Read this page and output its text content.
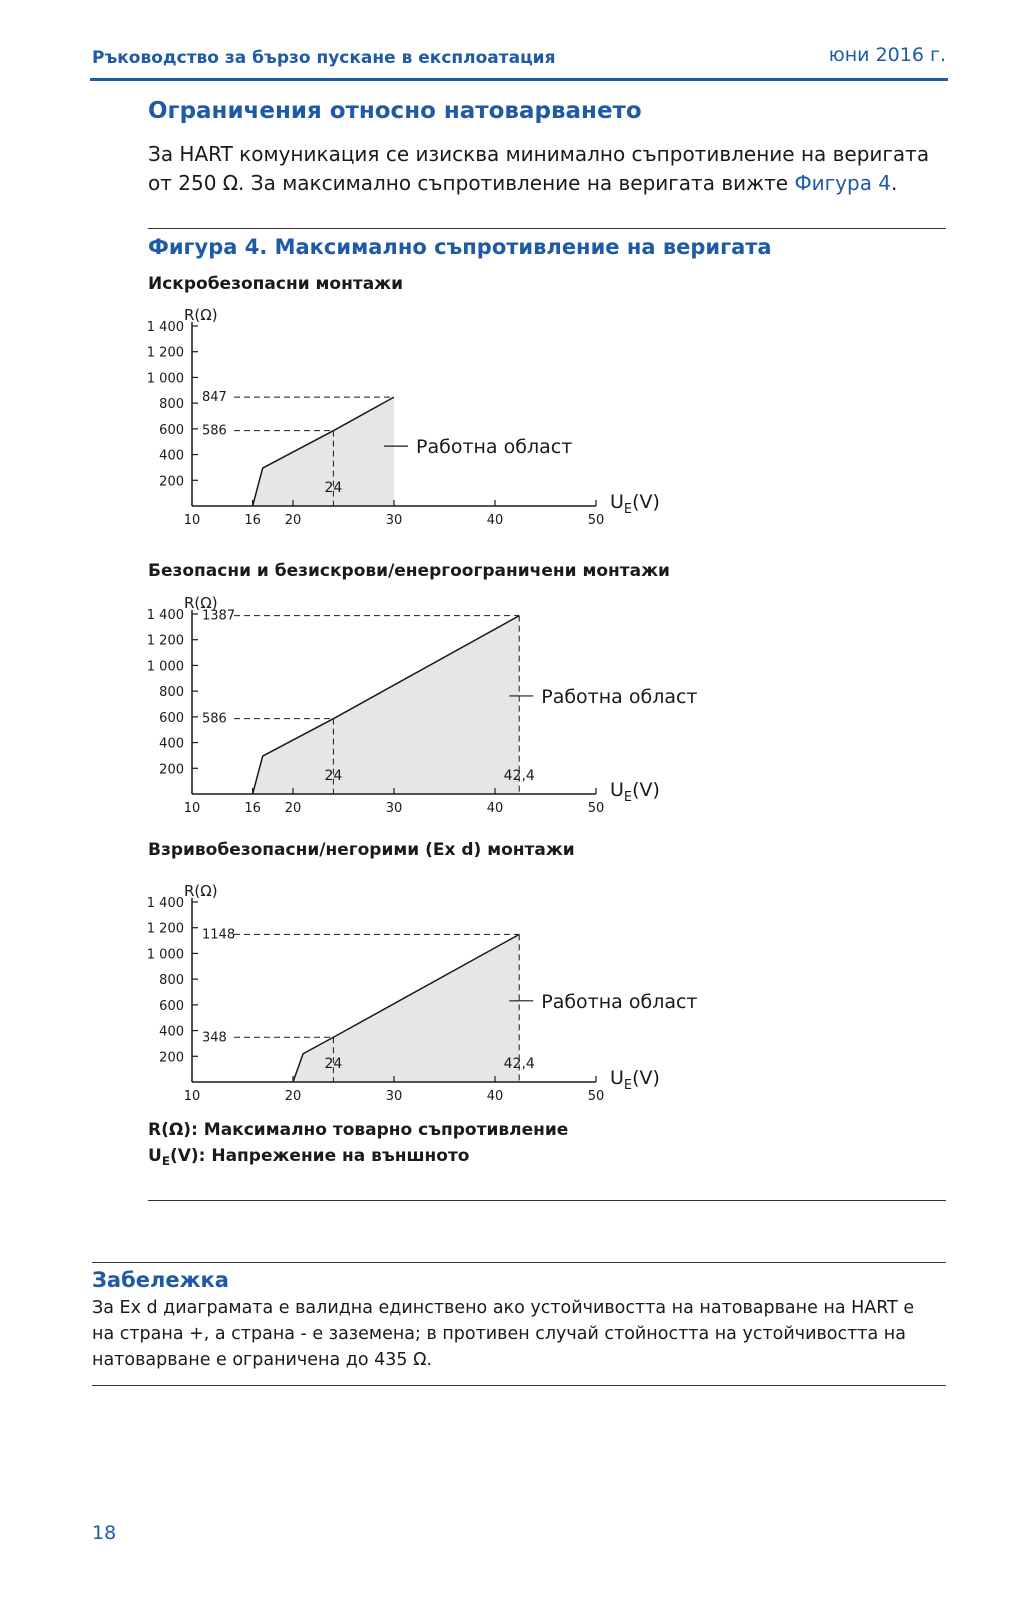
Ръководство за бързо пускане в експлоатация	юни 2016 г.
Ограничения относно натоварването
За HART комуникация се изисква минимално съпротивление на веригата от 250 Ω. За максимално съпротивление на веригата вижте Фигура 4.
Фигура 4. Максимално съпротивление на веригата
Искробезопасни монтажи
200
400
600
800
1 000
1 200
1 400
10	16 20	30	40	50
R(Ω)
$U_E(V)$
847
586
24
Работна област
Безопасни и безискрови/енергоограничени монтажи
200
400
600
800
1 000
1 200
1 400
10	16 20	30	40	50
R(Ω)
$U_E(V)$
1387
586
24	42,4
Работна област
Взривобезопасни/негорими (Ex d) монтажи
200
400
600
800
1 000
1 200
1 400
10	20	30	40	50
R(Ω)
$U_E(V)$
1148
348
24	42,4
Работна област
R(Ω): Максимално товарно съпротивление
$U_E(V)$: Напрежение на външното
Забележка
За Ex d диаграмата е валидна единствено ако устойчивостта на натоварване на HART е на страна +, а страна - е заземена; в противен случай стойността на устойчивостта на натоварване е ограничена до 435 Ω.
18
